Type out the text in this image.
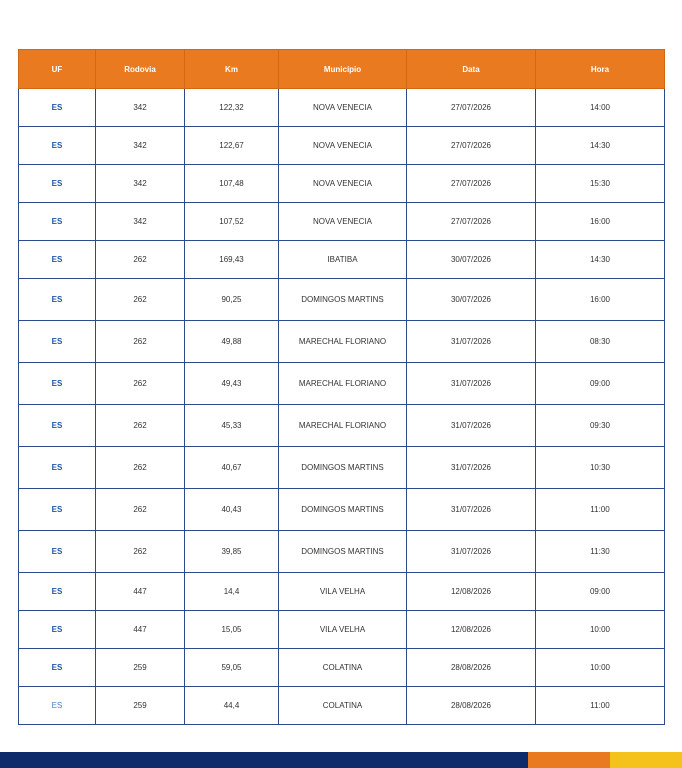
UF	Rodovia	Km	Município	Data	Hora
ES	342	122,32	NOVA VENECIA	27/07/2026	14:00
ES	342	122,67	NOVA VENECIA	27/07/2026	14:30
ES	342	107,48	NOVA VENECIA	27/07/2026	15:30
ES	342	107,52	NOVA VENECIA	27/07/2026	16:00
ES	262	169,43	IBATIBA	30/07/2026	14:30
ES	262	90,25	DOMINGOS MARTINS	30/07/2026	16:00
ES	262	49,88	MARECHAL FLORIANO	31/07/2026	08:30
ES	262	49,43	MARECHAL FLORIANO	31/07/2026	09:00
ES	262	45,33	MARECHAL FLORIANO	31/07/2026	09:30
ES	262	40,67	DOMINGOS MARTINS	31/07/2026	10:30
ES	262	40,43	DOMINGOS MARTINS	31/07/2026	11:00
ES	262	39,85	DOMINGOS MARTINS	31/07/2026	11:30
ES	447	14,4	VILA VELHA	12/08/2026	09:00
ES	447	15,05	VILA VELHA	12/08/2026	10:00
ES	259	59,05	COLATINA	28/08/2026	10:00
ES	259	44,4	COLATINA	28/08/2026	11:00
